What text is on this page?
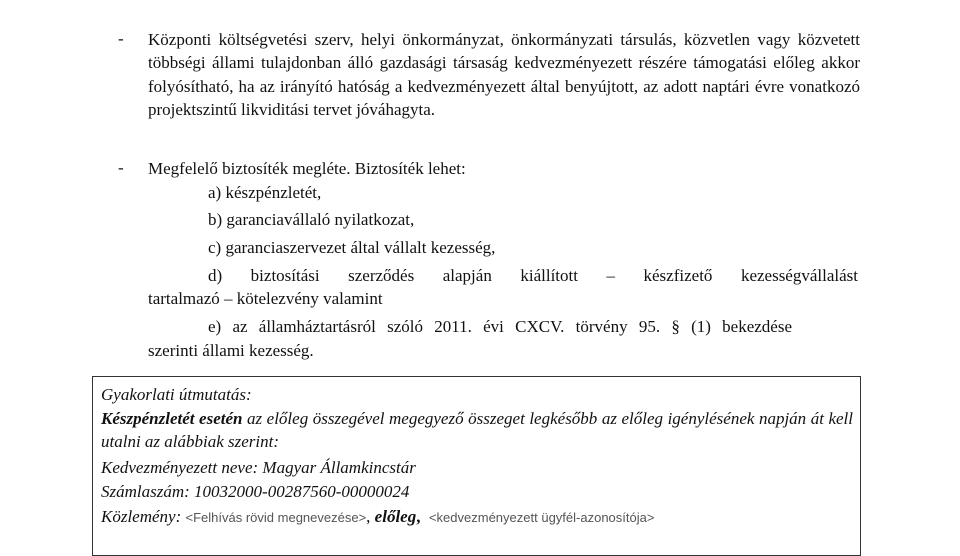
-	Központi költségvetési szerv, helyi önkormányzat, önkormányzati társulás, közvetlen vagy közvetett többségi állami tulajdonban álló gazdasági társaság kedvezményezett részére támogatási előleg akkor folyósítható, ha az irányító hatóság a kedvezményezett által benyújtott, az adott naptári évre vonatkozó projektszintű likviditási tervet jóváhagyta.

-	Megfelelő biztosíték megléte. Biztosíték lehet:

a) készpénzletét,

b) garanciavállaló nyilatkozat,

c) garanciaszervezet által vállalt kezesség,

d) biztosítási szerződés alapján kiállított – készfizető kezességvállalást

tartalmazó – kötelezvény valamint

e) az államháztartásról szóló 2011. évi CXCV. törvény 95. § (1) bekezdése

szerinti állami kezesség.

Gyakorlati útmutatás:

Készpénzletét esetén az előleg összegével megegyező összeget legkésőbb az előleg igénylésének napján át kell utalni az alábbiak szerint:

Kedvezményezett neve: Magyar Államkincstár

Számlaszám: 10032000-00287560-00000024

Közlemény: <Felhívás rövid megnevezése>, előleg, <kedvezményezett ügyfél-azonosítója>
